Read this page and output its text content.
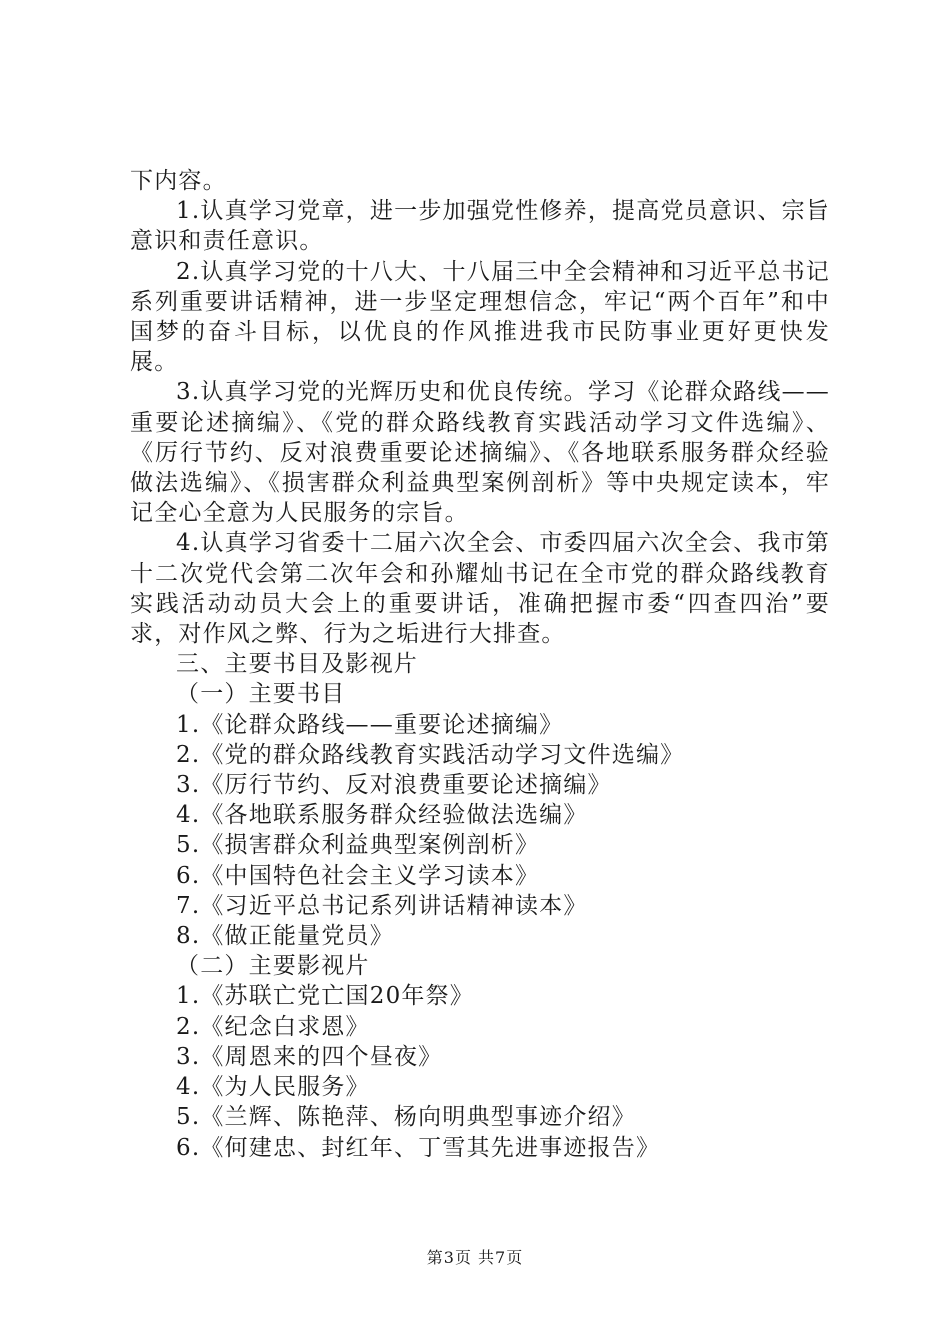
下内容。

1.认真学习党章，进一步加强党性修养，提高党员意识、宗旨意识和责任意识。

2.认真学习党的十八大、十八届三中全会精神和习近平总书记系列重要讲话精神，进一步坚定理想信念，牢记“两个百年”和中国梦的奋斗目标，以优良的作风推进我市民防事业更好更快发展。

3.认真学习党的光辉历史和优良传统。学习《论群众路线——重要论述摘编》、《党的群众路线教育实践活动学习文件选编》、《厉行节约、反对浪费重要论述摘编》、《各地联系服务群众经验做法选编》、《损害群众利益典型案例剖析》等中央规定读本，牢记全心全意为人民服务的宗旨。

4.认真学习省委十二届六次全会、市委四届六次全会、我市第十二次党代会第二次年会和孙耀灿书记在全市党的群众路线教育实践活动动员大会上的重要讲话，准确把握市委“四查四治”要求，对作风之弊、行为之垢进行大排查。

三、主要书目及影视片

（一）主要书目

1.《论群众路线——重要论述摘编》

2.《党的群众路线教育实践活动学习文件选编》

3.《厉行节约、反对浪费重要论述摘编》

4.《各地联系服务群众经验做法选编》

5.《损害群众利益典型案例剖析》

6.《中国特色社会主义学习读本》

7.《习近平总书记系列讲话精神读本》

8.《做正能量党员》

（二）主要影视片

1.《苏联亡党亡国20年祭》

2.《纪念白求恩》

3.《周恩来的四个昼夜》

4.《为人民服务》

5.《兰辉、陈艳萍、杨向明典型事迹介绍》

6.《何建忠、封红年、丁雪其先进事迹报告》

第3页 共7页
